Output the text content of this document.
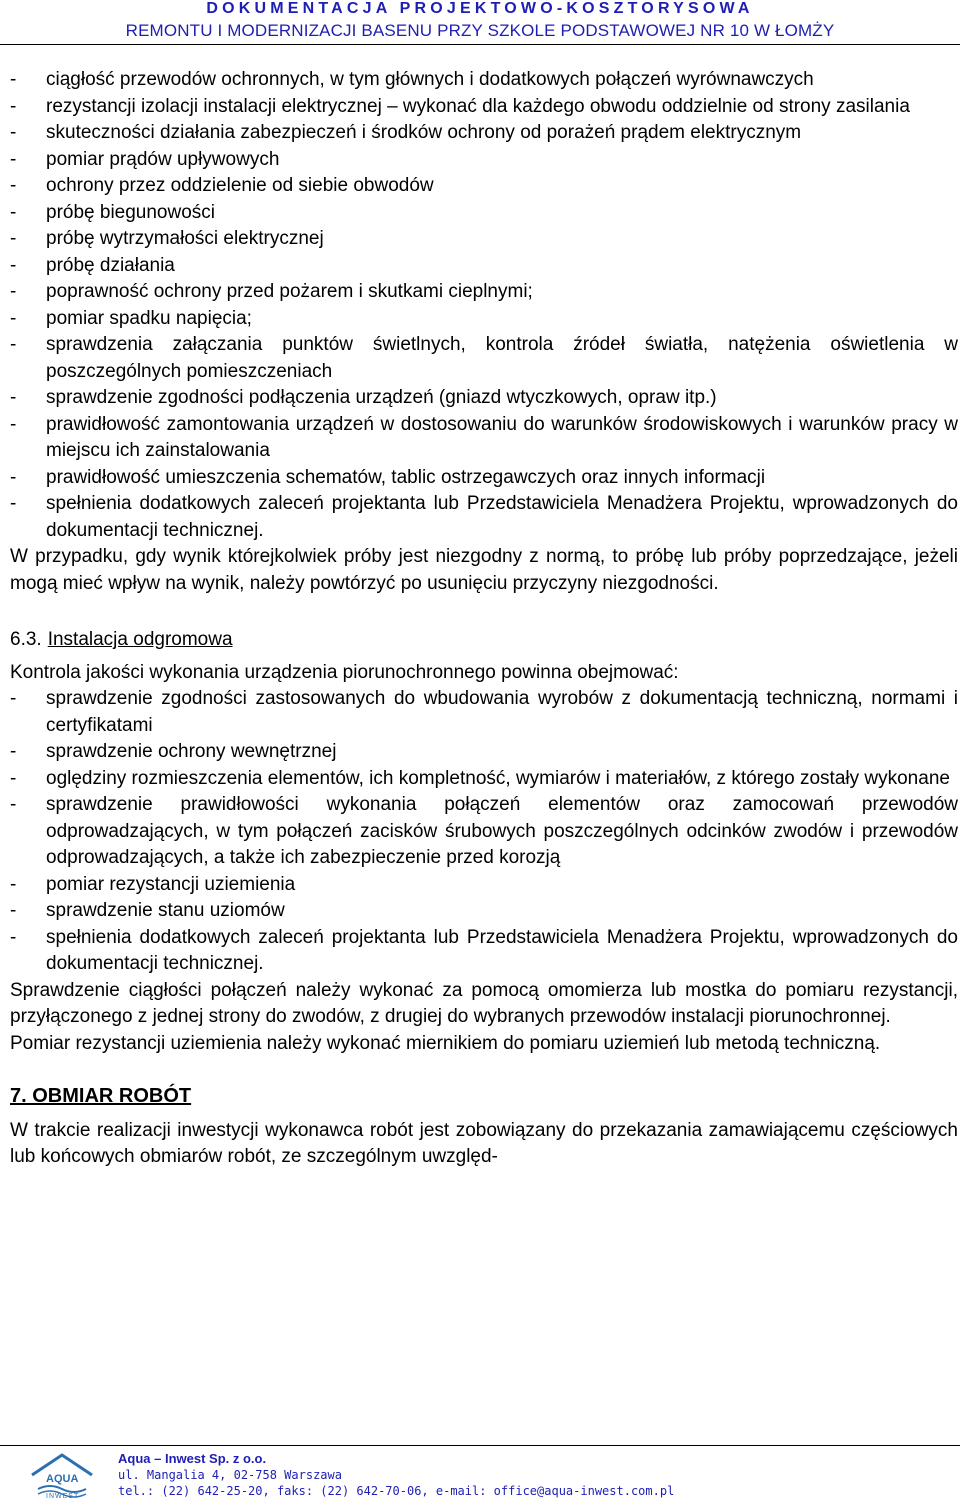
DOKUMENTACJA PROJEKTOWO-KOSZTORYSOWA
REMONTU I MODERNIZACJI BASENU PRZY SZKOLE PODSTAWOWEJ NR 10 W ŁOMŻY
- ciągłość przewodów ochronnych, w tym głównych i dodatkowych połączeń wyrównawczych
- rezystancji izolacji instalacji elektrycznej – wykonać dla każdego obwodu oddzielnie od strony zasilania
- skuteczności działania zabezpieczeń i środków ochrony od porażeń prądem elektrycznym
- pomiar prądów upływowych
- ochrony przez oddzielenie od siebie obwodów
- próbę biegunowości
- próbę wytrzymałości elektrycznej
- próbę działania
- poprawność ochrony przed pożarem i skutkami cieplnymi;
- pomiar spadku napięcia;
- sprawdzenia załączania punktów świetlnych, kontrola źródeł światła, natężenia oświetlenia w poszczególnych pomieszczeniach
- sprawdzenie zgodności podłączenia urządzeń (gniazd wtyczkowych, opraw itp.)
- prawidłowość zamontowania urządzeń w dostosowaniu do warunków środowiskowych i warunków pracy w miejscu ich zainstalowania
- prawidłowość umieszczenia schematów, tablic ostrzegawczych oraz innych informacji
- spełnienia dodatkowych zaleceń projektanta lub Przedstawiciela Menadżera Projektu, wprowadzonych do dokumentacji technicznej.
W przypadku, gdy wynik którejkolwiek próby jest niezgodny z normą, to próbę lub próby poprzedzające, jeżeli mogą mieć wpływ na wynik, należy powtórzyć po usunięciu przyczyny niezgodności.
6.3. Instalacja odgromowa
Kontrola jakości wykonania urządzenia piorunochronnego powinna obejmować:
- sprawdzenie zgodności zastosowanych do wbudowania wyrobów z dokumentacją techniczną, normami i certyfikatami
- sprawdzenie ochrony wewnętrznej
- oględziny rozmieszczenia elementów, ich kompletność, wymiarów i materiałów, z którego zostały wykonane
- sprawdzenie prawidłowości wykonania połączeń elementów oraz zamocowań przewodów odprowadzających, w tym połączeń zacisków śrubowych poszczególnych odcinków zwodów i przewodów odprowadzających, a także ich zabezpieczenie przed korozją
- pomiar rezystancji uziemienia
- sprawdzenie stanu uziomów
- spełnienia dodatkowych zaleceń projektanta lub Przedstawiciela Menadżera Projektu, wprowadzonych do dokumentacji technicznej.
Sprawdzenie ciągłości połączeń należy wykonać za pomocą omomierza lub mostka do pomiaru rezystancji, przyłączonego z jednej strony do zwodów, z drugiej do wybranych przewodów instalacji piorunochronnej.
Pomiar rezystancji uziemienia należy wykonać miernikiem do pomiaru uziemień lub metodą techniczną.
7. OBMIAR ROBÓT
W trakcie realizacji inwestycji wykonawca robót jest zobowiązany do przekazania zamawiającemu częściowych lub końcowych obmiarów robót, ze szczególnym uwzględ-
AQUA
INWEST
Aqua – Inwest Sp. z o.o.
ul. Mangalia 4, 02-758 Warszawa
tel.: (22) 642-25-20, faks: (22) 642-70-06, e-mail: office@aqua-inwest.com.pl
